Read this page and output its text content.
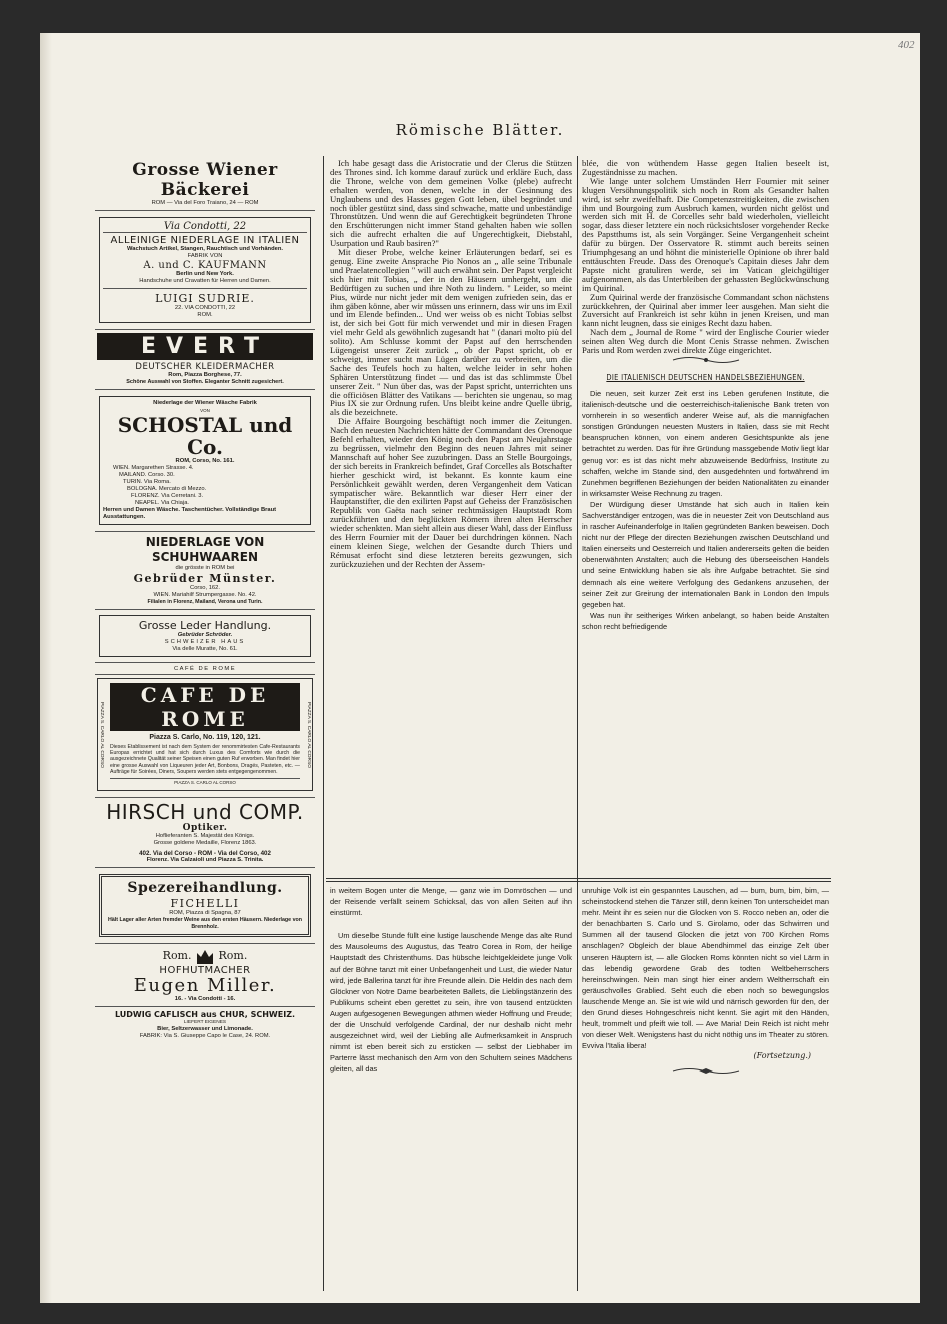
402
Römische Blätter.
Grosse Wiener Bäckerei
ROM — Via del Foro Traiano, 24 — ROM
Via Condotti, 22
ALLEINIGE NIEDERLAGE IN ITALIEN
Wachstuch Artikel, Stangen, Rauchtisch und Vorhänden.
FABRIK VON
A. und C. KAUFMANN
Berlin und New York.
Handschuhe und Cravatten für Herren und Damen.
LUIGI SUDRIE.
22. VIA CONDOTTI, 22
ROM.
EVERT
DEUTSCHER KLEIDERMACHER
Rom, Piazza Borghese, 77.
Schöne Auswahl von Stoffen. Eleganter Schnitt zugesichert.
Niederlage der Wiener Wäsche Fabrik
VON
SCHOSTAL und Co.
ROM, Corso, No. 161.
WIEN. Margarethen Strasse. 4.
MAILAND. Corso. 30.
TURIN. Via Roma.
BOLOGNA. Mercato di Mezzo.
FLORENZ. Via Cerretani. 3.
NEAPEL. Via Chiaja.
Herren und Damen Wäsche. Taschentücher. Vollständige Braut Ausstattungen.
NIEDERLAGE VON SCHUHWAAREN
die grösste in ROM bei
Gebrüder Münster.
Corso, 162.
WIEN. Mariahilf Strumpergasse. No. 42.
Filialen in Florenz, Mailand, Verona und Turin.
Grosse Leder Handlung.
Gebrüder Schröder.
SCHWEIZER HAUS
Via delle Muratte, No. 61.
CAFÉ DE ROME
PIAZZA S. CARLO AL CORSO	PIAZZA S. CARLO AL CORSO
CAFE DE ROME
Piazza S. Carlo, No. 119, 120, 121.
Dieses Etablissement ist nach dem System der renommirtesten Cafe-Restaurants Europas errichtet und hat sich durch Luxus des Comforts wie durch die ausgezeichnete Qualität seiner Speisen einen guten Ruf erworben. Man findet hier eine grosse Auswahl von Liqueuren jeder Art, Bonbons, Dragés, Pasteten, etc. — Aufträge für Soirées, Diners, Soupers werden stets entgegengenommen.
PIAZZA S. CARLO AL CORSO
HIRSCH und COMP.
Optiker.
Hoflieferanten S. Majestät des Königs.
Grosse goldene Medaille, Florenz 1863.
402. Via del Corso - ROM - Via del Corso, 402
Florenz. Via Calzaioli und Piazza S. Trinita.
Spezereihandlung.
FICHELLI
ROM, Piazza di Spagna, 87
Hält Lager aller Arten fremder Weine aus den ersten Häusern. Niederlage von Brennholz.
Rom. Rom.
HOFHUTMACHER
Eugen Miller.
16. - Via Condotti - 16.
LUDWIG CAFLISCH aus CHUR, SCHWEIZ.
LIEFERT EIGENES
Bier, Seltzerwasser und Limonade.
FABRIK: Via S. Giuseppe Capo le Case, 24. ROM.

Ich habe gesagt dass die Aristocratie und der Clerus die Stützen des Thrones sind. Ich komme darauf zurück und erkläre Euch, dass die Throne, welche von dem gemeinen Volke (plebe) aufrecht erhalten werden, von denen, welche in der Gesinnung des Unglaubens und des Hasses gegen Gott leben, übel begründet und noch übler gestützt sind, dass sind schwache, matte und unbeständige Thronstützen. Und wenn die auf Gerechtigkeit begründeten Throne den Erschütterungen nicht immer Stand gehalten haben wie sollen sich die aufrecht erhalten die auf Ungerechtigkeit, Diebstahl, Usurpation und Raub basiren?"

Mit dieser Probe, welche keiner Erläuterungen bedarf, sei es genug. Eine zweite Ansprache Pio Nonos an „ alle seine Tribunale und Praelatencollegien " will auch erwähnt sein. Der Papst vergleicht sich hier mit Tobias, „ der in den Häusern umhergeht, um die Bedürftigen zu suchen und ihre Noth zu lindern. " Leider, so meint Pius, würde nur nicht jeder mit dem wenigen zufrieden sein, das er ihm gäben könne, aber wir müssen uns erinnern, dass wir uns im Exil und im Elende befinden... Und wer weiss ob es nicht Tobias selbst ist, der sich bei Gott für mich verwendet und mir in diesen Fragen viel mehr Geld als gewöhnlich zugesandt hat " (danari molto più del solito). Am Schlusse kommt der Papst auf den herrschenden Lügengeist unserer Zeit zurück „ ob der Papst spricht, ob er schweigt, immer sucht man Lügen darüber zu verbreiten, um die Sache des Teufels hoch zu halten, welche leider in sehr hohen Sphären Unterstützung findet — und das ist das schlimmste Übel unserer Zeit. " Nun über das, was der Papst spricht, unterrichten uns die officiösen Blätter des Vatikans — berichten sie ungenau, so mag Pius IX sie zur Ordnung rufen. Uns bleibt keine andre Quelle übrig, als die bezeichnete.

Die Affaire Bourgoing beschäftigt noch immer die Zeitungen. Nach den neuesten Nachrichten hätte der Commandant des Orenoque Befehl erhalten, wieder den König noch den Papst am Neujahrstage zu begrüssen, vielmehr den Beginn des neuen Jahres mit seiner Mannschaft auf hoher See zuzubringen. Dass an Stelle Bourgoings, der sich bereits in Frankreich befindet, Graf Corcelles als Botschafter hierher geschickt wird, ist bekannt. Es konnte kaum eine Persönlichkeit gewählt werden, deren Vergangenheit dem Vatican sympatischer wäre. Bekanntlich war dieser Herr einer der Hauptanstifter, die den exilirten Papst auf Geheiss der Französischen Republik von Gaëta nach seiner rechtmässigen Hauptstadt Rom zurückführten und den beglückten Römern ihren alten Herrscher wieder schenkten. Man sieht allein aus dieser Wahl, dass der Einfluss des Herrn Fournier mit der Dauer bei durchdringen können. Nach einem kleinen Siege, welchen der Gesandte durch Thiers und Rémusat erfocht sind diese letzteren bereits gezwungen, sich zurückzuziehen und der Rechten der Assem-

blée, die von wüthendem Hasse gegen Italien beseelt ist, Zugeständnisse zu machen.

Wie lange unter solchem Umständen Herr Fournier mit seiner klugen Versöhnungspolitik sich noch in Rom als Gesandter halten wird, ist sehr zweifelhaft. Die Competenzstreitigkeiten, die zwischen ihm und Bourgoing zum Ausbruch kamen, wurden nicht gelöst und werden sich mit H. de Corcelles sehr bald wiederholen, vielleicht sogar, dass dieser letztere ein noch rücksichtsloser vorgehender Recke des Papstthums ist, als sein Vorgänger. Seine Vergangenheit scheint dafür zu bürgen. Der Osservatore R. stimmt auch bereits seinen Triumphgesang an und höhnt die ministerielle Opinione ob ihrer bald enttäuschten Freude. Dass des Orenoque's Capitain dieses Jahr dem Papste nicht gratuliren werde, sei im Vatican gleichgültiger aufgenommen, als das Unterbleiben der gehassten Beglückwünschung im Quirinal.

Zum Quirinal werde der französische Commandant schon nächstens zurückkehren, der Quirinal aber immer leer ausgehen. Man sieht die Zuversicht auf Frankreich ist sehr kühn in jenen Kreisen, und man kann nicht leugnen, dass sie einiges Recht dazu haben.

Nach dem „ Journal de Rome " wird der Englische Courier wieder seinen alten Weg durch die Mont Cenis Strasse nehmen. Zwischen Paris und Rom werden zwei direkte Züge eingerichtet.

DIE ITALIENISCH DEUTSCHEN HANDELSBEZIEHUNGEN.

Die neuen, seit kurzer Zeit erst ins Leben gerufenen Institute, die italienisch-deutsche und die oesterreichisch-italienische Bank treten von vornherein in so wesentlich anderer Weise auf, als die mannigfachen sonstigen Gründungen neuesten Musters in Italien, dass sie mit Recht beanspruchen können, von einem anderen Gesichtspunkte als jene betrachtet zu werden. Das für ihre Gründung massgebende Motiv liegt klar genug vor: es ist das nicht mehr abzuweisende Bedürfniss, Institute zu schaffen, welche im Stande sind, den ausgedehnten und fortwährend im Zunehmen begriffenen Beziehungen der beiden Nationalitäten zu einander in wirksamster Weise Rechnung zu tragen.

Der Würdigung dieser Umstände hat sich auch in Italien kein Sachverständiger entzogen, was die in neuester Zeit von Deutschland aus in rascher Aufeinanderfolge in Italien gegründeten Banken beweisen. Doch nicht nur der Pflege der directen Beziehungen zwischen Deutschland und Italien einerseits und Oesterreich und Italien andererseits gelten die beiden obenerwähnten Anstalten; auch die Hebung des überseeischen Handels und seine Entwicklung haben sie als ihre Aufgabe betrachtet. Sie sind demnach als eine weitere Verfolgung des Gedankens anzusehen, der seiner Zeit zur Greirung der internationalen Bank in London den Impuls gegeben hat.

Was nun ihr seitheriges Wirken anbelangt, so haben beide Anstalten schon recht befriedigende

in weitem Bogen unter die Menge, — ganz wie im Dornröschen — und der Reisende verfällt seinem Schicksal, das von allen Seiten auf ihn einstürmt.

Um dieselbe Stunde füllt eine lustige lauschende Menge das alte Rund des Mausoleums des Augustus, das Teatro Corea in Rom, der heilige Hauptstadt des Christenthums. Das hübsche leichtgekleidete junge Volk auf der Bühne tanzt mit einer Unbefangenheit und Lust, die wieder Natur wird, jede Ballerina tanzt für ihre Freunde allein. Die Heldin des nach dem Glöckner von Notre Dame bearbeiteten Ballets, die Lieblingstänzerin des Publikums scheint eben gerettet zu sein, ihre von tausend entzückten Augen aufgesogenen Bewegungen athmen wieder Hoffnung und Freude; der die Unschuld verfolgende Cardinal, der nur deshalb nicht mehr ausgezeichnet wird, weil der Liebling alle Aufmerksamkeit in Anspruch nimmt ist eben bereit sich zu ersticken — selbst der Liebhaber im Parterre lässt mechanisch den Arm von den Schultern seines Mädchens gleiten, all das

unruhige Volk ist ein gespanntes Lauschen, ad — bum, bum, bim, bim, — scheinstockend stehen die Tänzer still, denn keinen Ton unterscheidet man mehr. Meint ihr es seien nur die Glocken von S. Rocco neben an, oder die der benachbarten S. Carlo und S. Girolamo, oder das Schwirren und Summen all der tausend Glocken die jetzt von 700 Kirchen Roms anschlagen? Obgleich der blaue Abendhimmel das einzige Zelt über unseren Häuptern ist, — alle Glocken Roms könnten nicht so viel Lärm in das lebendig gewordene Grab des todten Weltbeherrschers hereinschwingen. Nein man singt hier einer andern Weltherrschaft ein geräuschvolles Grablied. Seht euch die eben noch so bewegungslos lauschende Menge an. Sie ist wie wild und närrisch geworden für den, der den Grund dieses Hohngeschreis nicht kennt. Sie agirt mit den Händen, heult, trommelt und pfeift wie toll. — Ave Maria! Dein Reich ist nicht mehr von dieser Welt. Wenigstens hast du nicht nöthig uns im Theater zu stören. Evviva l'Italia libera!

(Fortsetzung.)
